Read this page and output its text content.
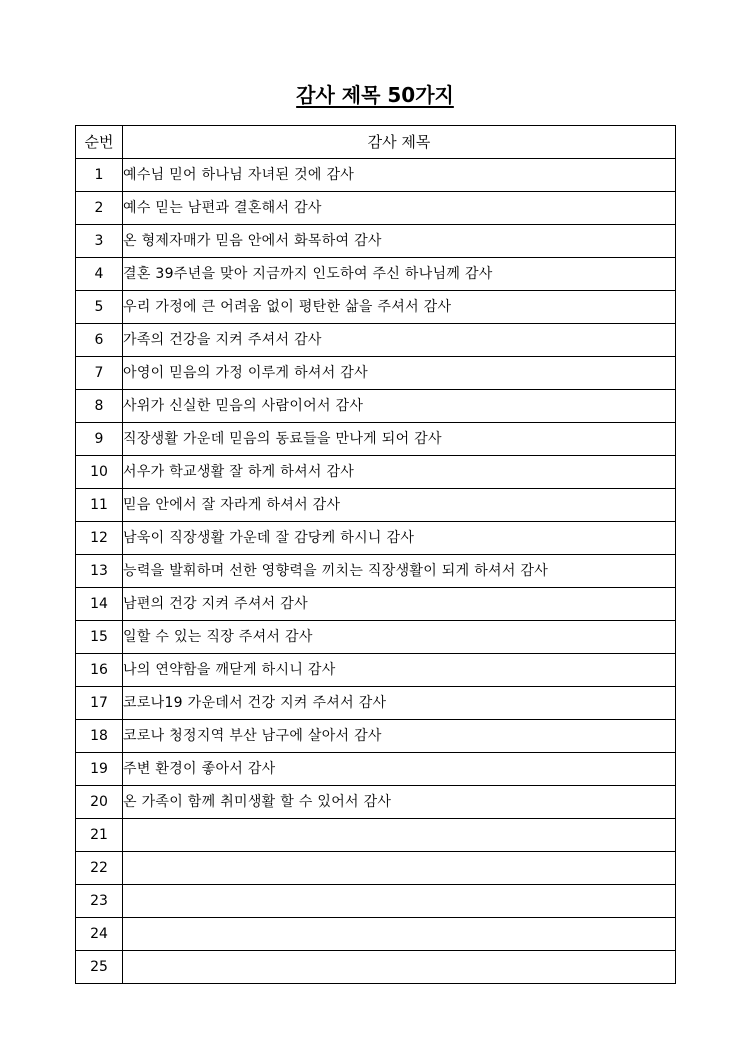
감사 제목 50가지
순번	감사 제목
1	예수님 믿어 하나님 자녀된 것에 감사
2	예수 믿는 남편과 결혼해서 감사
3	온 형제자매가 믿음 안에서 화목하여 감사
4	결혼 39주년을 맞아 지금까지 인도하여 주신 하나님께 감사
5	우리 가정에 큰 어려움 없이 평탄한 삶을 주셔서 감사
6	가족의 건강을 지켜 주셔서 감사
7	아영이 믿음의 가정 이루게 하셔서 감사
8	사위가 신실한 믿음의 사람이어서 감사
9	직장생활 가운데 믿음의 동료들을 만나게 되어 감사
10	서우가 학교생활 잘 하게 하셔서 감사
11	믿음 안에서 잘 자라게 하셔서 감사
12	남욱이 직장생활 가운데 잘 감당케 하시니 감사
13	능력을 발휘하며 선한 영향력을 끼치는 직장생활이 되게 하셔서 감사
14	남편의 건강 지켜 주셔서 감사
15	일할 수 있는 직장 주셔서 감사
16	나의 연약함을 깨닫게 하시니 감사
17	코로나19 가운데서 건강 지켜 주셔서 감사
18	코로나 청정지역 부산 남구에 살아서 감사
19	주변 환경이 좋아서 감사
20	온 가족이 함께 취미생활 할 수 있어서 감사
21	
22	
23	
24	
25	
